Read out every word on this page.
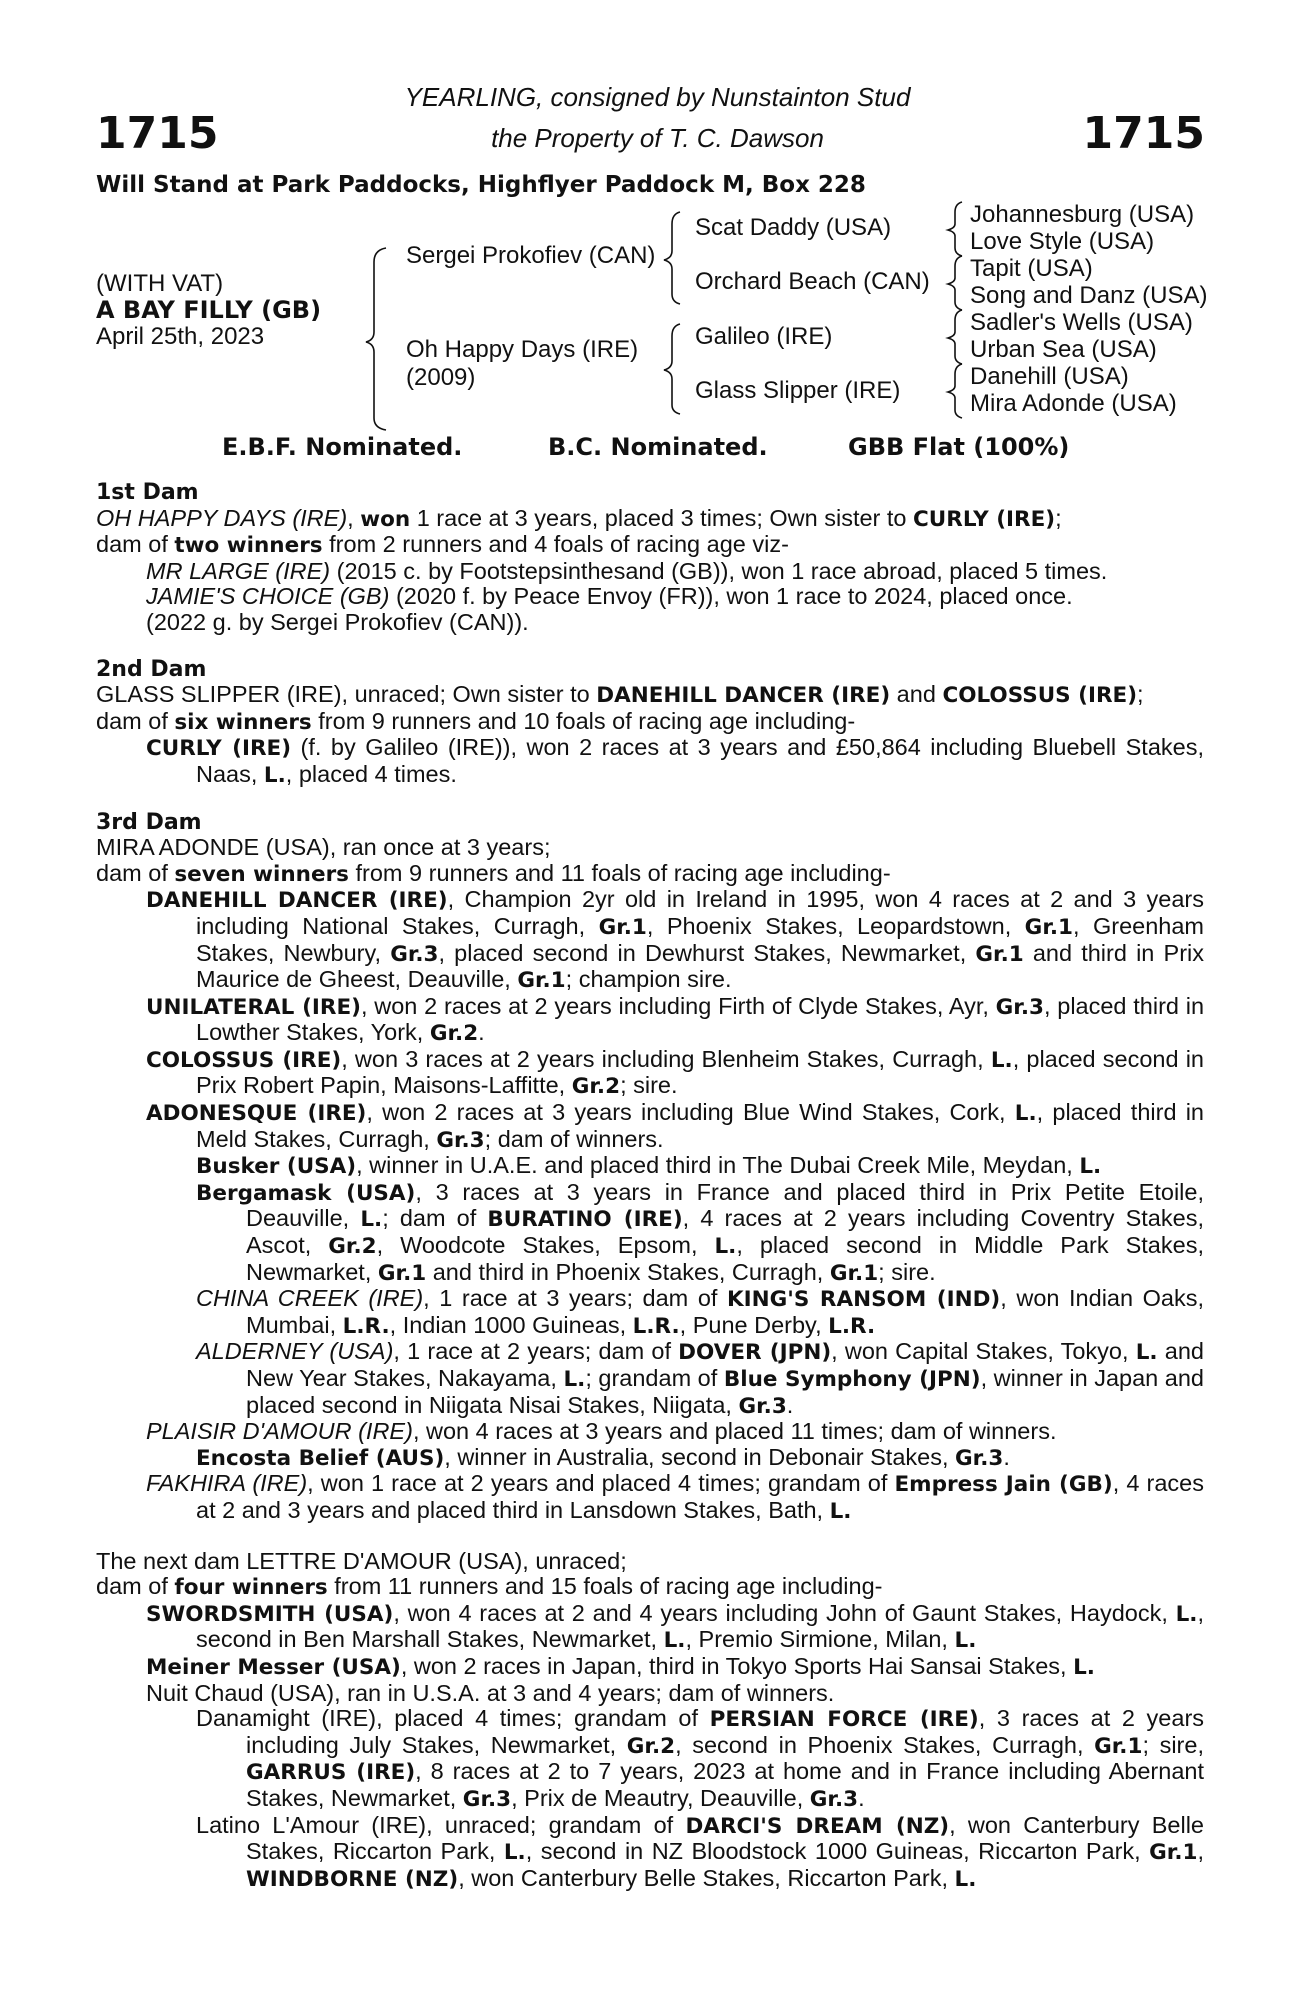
1715	1715
YEARLING, consigned by Nunstainton Stud
the Property of T. C. Dawson
Will Stand at Park Paddocks, Highflyer Paddock M, Box 228
(WITH VAT)
A BAY FILLY (GB)
April 25th, 2023
Sergei Prokofiev (CAN)
Oh Happy Days (IRE)
(2009)
Scat Daddy (USA)
Orchard Beach (CAN)
Galileo (IRE)
Glass Slipper (IRE)
Johannesburg (USA)
Love Style (USA)
Tapit (USA)
Song and Danz (USA)
Sadler's Wells (USA)
Urban Sea (USA)
Danehill (USA)
Mira Adonde (USA)
E.B.F. Nominated.	B.C. Nominated.	GBB Flat (100%)
1st Dam
OH HAPPY DAYS (IRE), won 1 race at 3 years, placed 3 times; Own sister to CURLY (IRE);
dam of two winners from 2 runners and 4 foals of racing age viz-
MR LARGE (IRE) (2015 c. by Footstepsinthesand (GB)), won 1 race abroad, placed 5 times.
JAMIE'S CHOICE (GB) (2020 f. by Peace Envoy (FR)), won 1 race to 2024, placed once.
(2022 g. by Sergei Prokofiev (CAN)).
2nd Dam
GLASS SLIPPER (IRE), unraced; Own sister to DANEHILL DANCER (IRE) and COLOSSUS (IRE);
dam of six winners from 9 runners and 10 foals of racing age including-
CURLY (IRE) (f. by Galileo (IRE)), won 2 races at 3 years and £50,864 including Bluebell Stakes, Naas, L., placed 4 times.
3rd Dam
MIRA ADONDE (USA), ran once at 3 years;
dam of seven winners from 9 runners and 11 foals of racing age including-
DANEHILL DANCER (IRE), Champion 2yr old in Ireland in 1995, won 4 races at 2 and 3 years including National Stakes, Curragh, Gr.1, Phoenix Stakes, Leopardstown, Gr.1, Greenham Stakes, Newbury, Gr.3, placed second in Dewhurst Stakes, Newmarket, Gr.1 and third in Prix Maurice de Gheest, Deauville, Gr.1; champion sire.
UNILATERAL (IRE), won 2 races at 2 years including Firth of Clyde Stakes, Ayr, Gr.3, placed third in Lowther Stakes, York, Gr.2.
COLOSSUS (IRE), won 3 races at 2 years including Blenheim Stakes, Curragh, L., placed second in Prix Robert Papin, Maisons-Laffitte, Gr.2; sire.
ADONESQUE (IRE), won 2 races at 3 years including Blue Wind Stakes, Cork, L., placed third in Meld Stakes, Curragh, Gr.3; dam of winners.
Busker (USA), winner in U.A.E. and placed third in The Dubai Creek Mile, Meydan, L.
Bergamask (USA), 3 races at 3 years in France and placed third in Prix Petite Etoile, Deauville, L.; dam of BURATINO (IRE), 4 races at 2 years including Coventry Stakes, Ascot, Gr.2, Woodcote Stakes, Epsom, L., placed second in Middle Park Stakes, Newmarket, Gr.1 and third in Phoenix Stakes, Curragh, Gr.1; sire.
CHINA CREEK (IRE), 1 race at 3 years; dam of KING'S RANSOM (IND), won Indian Oaks, Mumbai, L.R., Indian 1000 Guineas, L.R., Pune Derby, L.R.
ALDERNEY (USA), 1 race at 2 years; dam of DOVER (JPN), won Capital Stakes, Tokyo, L. and New Year Stakes, Nakayama, L.; grandam of Blue Symphony (JPN), winner in Japan and placed second in Niigata Nisai Stakes, Niigata, Gr.3.
PLAISIR D'AMOUR (IRE), won 4 races at 3 years and placed 11 times; dam of winners.
Encosta Belief (AUS), winner in Australia, second in Debonair Stakes, Gr.3.
FAKHIRA (IRE), won 1 race at 2 years and placed 4 times; grandam of Empress Jain (GB), 4 races at 2 and 3 years and placed third in Lansdown Stakes, Bath, L.
The next dam LETTRE D'AMOUR (USA), unraced;
dam of four winners from 11 runners and 15 foals of racing age including-
SWORDSMITH (USA), won 4 races at 2 and 4 years including John of Gaunt Stakes, Haydock, L., second in Ben Marshall Stakes, Newmarket, L., Premio Sirmione, Milan, L.
Meiner Messer (USA), won 2 races in Japan, third in Tokyo Sports Hai Sansai Stakes, L.
Nuit Chaud (USA), ran in U.S.A. at 3 and 4 years; dam of winners.
Danamight (IRE), placed 4 times; grandam of PERSIAN FORCE (IRE), 3 races at 2 years including July Stakes, Newmarket, Gr.2, second in Phoenix Stakes, Curragh, Gr.1; sire, GARRUS (IRE), 8 races at 2 to 7 years, 2023 at home and in France including Abernant Stakes, Newmarket, Gr.3, Prix de Meautry, Deauville, Gr.3.
Latino L'Amour (IRE), unraced; grandam of DARCI'S DREAM (NZ), won Canterbury Belle Stakes, Riccarton Park, L., second in NZ Bloodstock 1000 Guineas, Riccarton Park, Gr.1, WINDBORNE (NZ), won Canterbury Belle Stakes, Riccarton Park, L.
